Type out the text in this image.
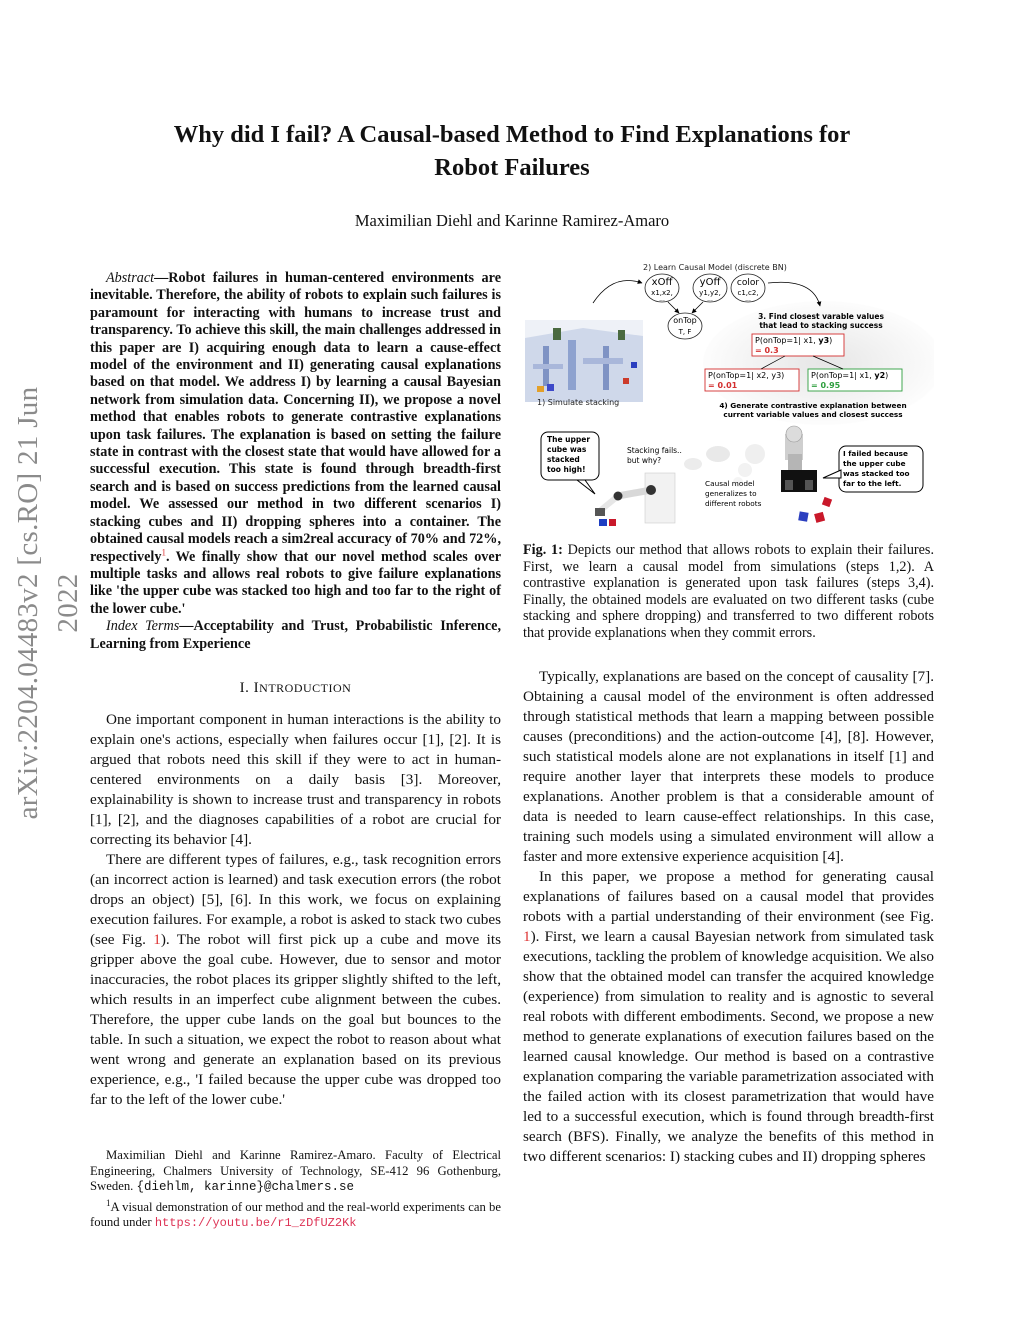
Why did I fail? A Causal-based Method to Find Explanations for
Robot Failures
Maximilian Diehl and Karinne Ramirez-Amaro
arXiv:2204.04483v2 [cs.RO] 21 Jun 2022

Abstract—Robot failures in human-centered environments are inevitable. Therefore, the ability of robots to explain such failures is paramount for interacting with humans to increase trust and transparency. To achieve this skill, the main challenges addressed in this paper are I) acquiring enough data to learn a cause-effect model of the environment and II) generating causal explanations based on that model. We address I) by learning a causal Bayesian network from simulation data. Concerning II), we propose a novel method that enables robots to generate contrastive explanations upon task failures. The explanation is based on setting the failure state in contrast with the closest state that would have allowed for a successful execution. This state is found through breadth-first search and is based on success predictions from the learned causal model. We assessed our method in two different scenarios I) stacking cubes and II) dropping spheres into a container. The obtained causal models reach a sim2real accuracy of 70% and 72%, respectively$^1$. We finally show that our novel method scales over multiple tasks and allows real robots to give failure explanations like 'the upper cube was stacked too high and too far to the right of the lower cube.'

Index Terms—Acceptability and Trust, Probabilistic Inference, Learning from Experience

I. INTRODUCTION

One important component in human interactions is the ability to explain one's actions, especially when failures occur [1], [2]. It is argued that robots need this skill if they were to act in human-centered environments on a daily basis [3]. Moreover, explainability is shown to increase trust and transparency in robots [1], [2], and the diagnoses capabilities of a robot are crucial for correcting its behavior [4].

There are different types of failures, e.g., task recognition errors (an incorrect action is learned) and task execution errors (the robot drops an object) [5], [6]. In this work, we focus on explaining execution failures. For example, a robot is asked to stack two cubes (see Fig. 1). The robot will first pick up a cube and move its gripper above the goal cube. However, due to sensor and motor inaccuracies, the robot places its gripper slightly shifted to the left, which results in an imperfect cube alignment between the cubes. Therefore, the upper cube lands on the goal but bounces to the table. In such a situation, we expect the robot to reason about what went wrong and generate an explanation based on its previous experience, e.g., 'I failed because the upper cube was dropped too far to the left of the lower cube.'

Maximilian Diehl and Karinne Ramirez-Amaro. Faculty of Electrical Engineering, Chalmers University of Technology, SE-412 96 Gothenburg, Sweden. {diehlm, karinne}@chalmers.se

$^1$A visual demonstration of our method and the real-world experiments can be found under https://youtu.be/r1_zDfUZ2Kk

2) Learn Causal Model (discrete BN)
xOff
x1,x2,
...
yOff
y1,y2,
...
color
c1,c2,
...
onTop
T, F
1) Simulate stacking
3. Find closest varable values
that lead to stacking success
P(onTop=1| x1, y3)
= 0.3
P(onTop=1| x2, y3)
= 0.01
P(onTop=1| x1, y2)
= 0.95
4) Generate contrastive explanation between
current variable values and closest success
The upper
cube was
stacked
too high!
Stacking fails..
but why?
Causal model
generalizes to
different robots
I failed because
the upper cube
was stacked too
far to the left.
Fig. 1: Depicts our method that allows robots to explain their failures. First, we learn a causal model from simulations (steps 1,2). A contrastive explanation is generated upon task failures (steps 3,4). Finally, the obtained models are evaluated on two different tasks (cube stacking and sphere dropping) and transferred to two different robots that provide explanations when they commit errors.

Typically, explanations are based on the concept of causality [7]. Obtaining a causal model of the environment is often addressed through statistical methods that learn a mapping between possible causes (preconditions) and the action-outcome [4], [8]. However, such statistical models alone are not explanations in itself [1] and require another layer that interprets these models to produce explanations. Another problem is that a considerable amount of data is needed to learn cause-effect relationships. In this case, training such models using a simulated environment will allow a faster and more extensive experience acquisition [4].

In this paper, we propose a method for generating causal explanations of failures based on a causal model that provides robots with a partial understanding of their environment (see Fig. 1). First, we learn a causal Bayesian network from simulated task executions, tackling the problem of knowledge acquisition. We also show that the obtained model can transfer the acquired knowledge (experience) from simulation to reality and is agnostic to several real robots with different embodiments. Second, we propose a new method to generate explanations of execution failures based on the learned causal knowledge. Our method is based on a contrastive explanation comparing the variable parametrization associated with the failed action with its closest parametrization that would have led to a successful execution, which is found through breadth-first search (BFS). Finally, we analyze the benefits of this method in two different scenarios: I) stacking cubes and II) dropping spheres
